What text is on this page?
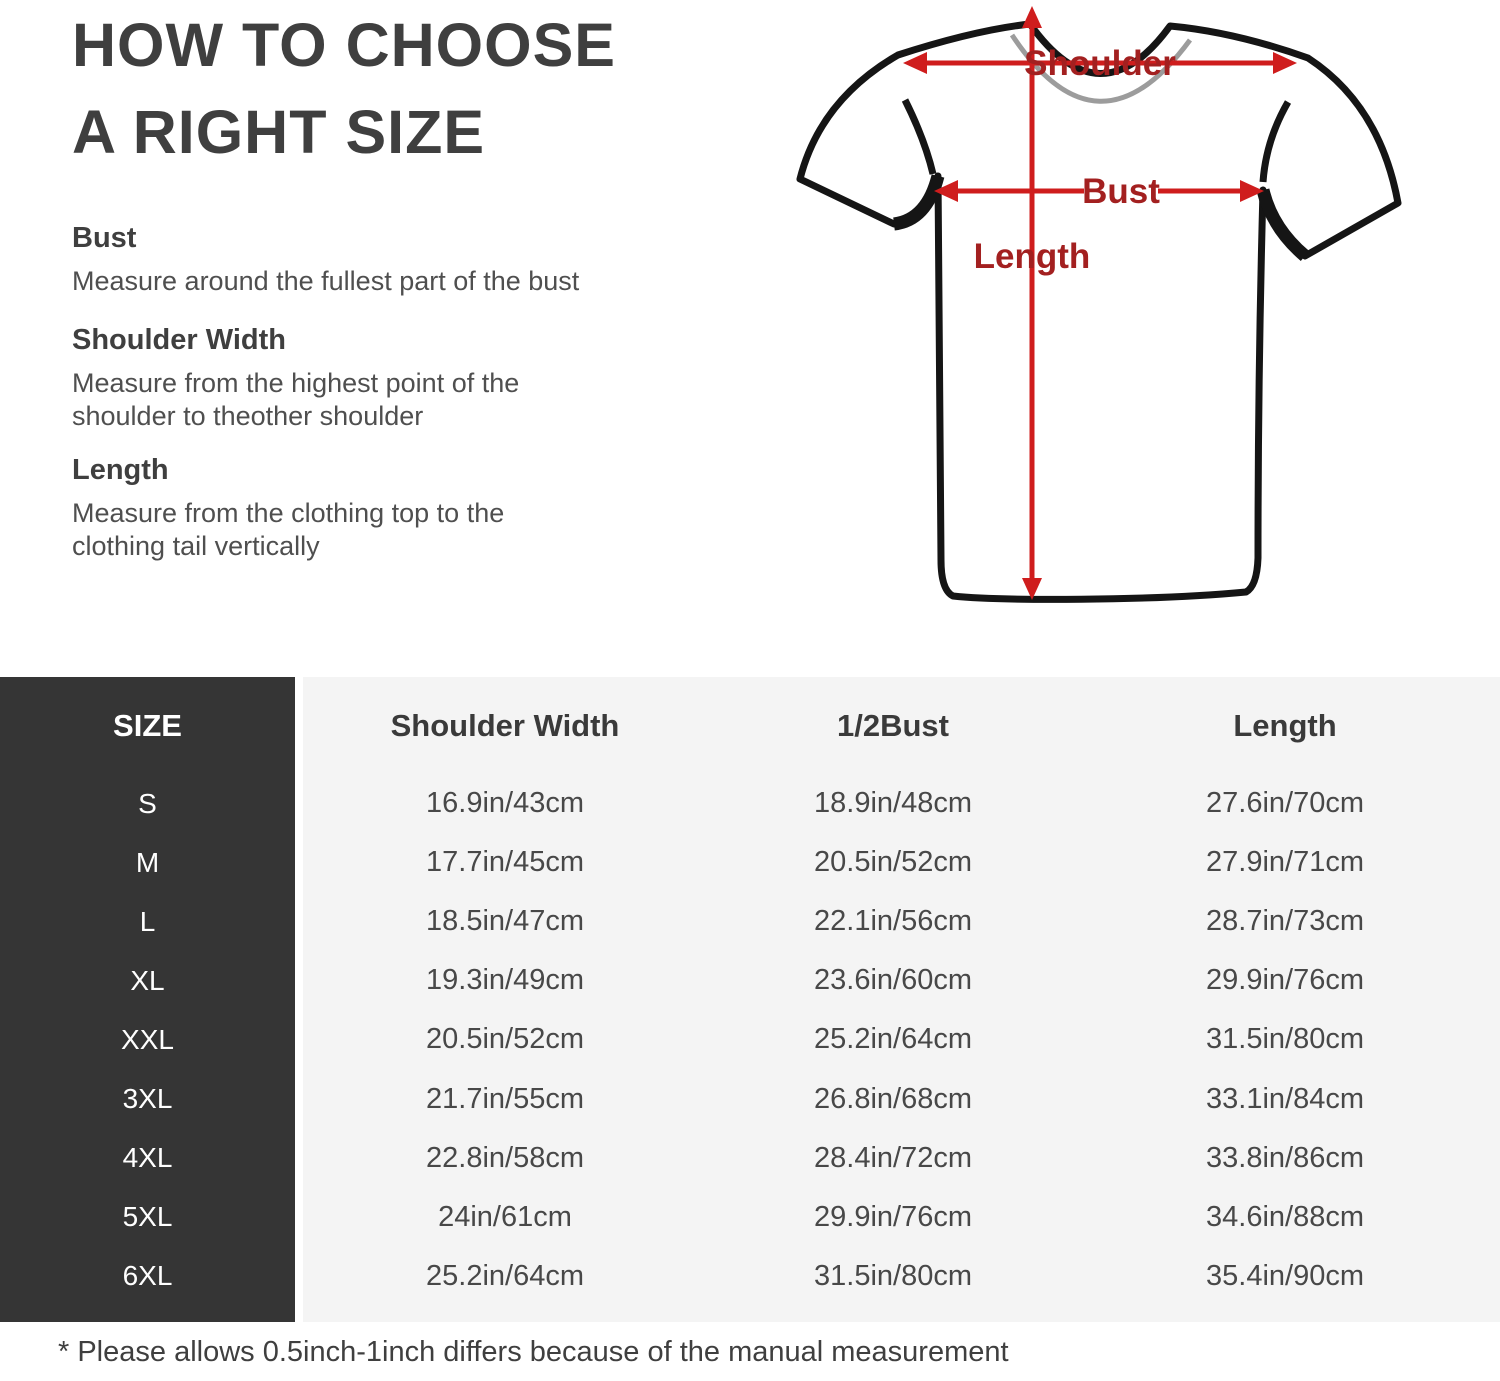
HOW TO CHOOSE
A RIGHT SIZE
Bust

Measure around the fullest part of the bust

Shoulder Width

Measure from the highest point of the

shoulder to theother shoulder

Length

Measure from the clothing top to the

clothing tail vertically

Shoulder
Bust
Length
SIZE	Shoulder Width	1/2Bust	Length
S	16.9in/43cm	18.9in/48cm	27.6in/70cm
M	17.7in/45cm	20.5in/52cm	27.9in/71cm
L	18.5in/47cm	22.1in/56cm	28.7in/73cm
XL	19.3in/49cm	23.6in/60cm	29.9in/76cm
XXL	20.5in/52cm	25.2in/64cm	31.5in/80cm
3XL	21.7in/55cm	26.8in/68cm	33.1in/84cm
4XL	22.8in/58cm	28.4in/72cm	33.8in/86cm
5XL	24in/61cm	29.9in/76cm	34.6in/88cm
6XL	25.2in/64cm	31.5in/80cm	35.4in/90cm
* Please allows 0.5inch-1inch differs because of the manual measurement
